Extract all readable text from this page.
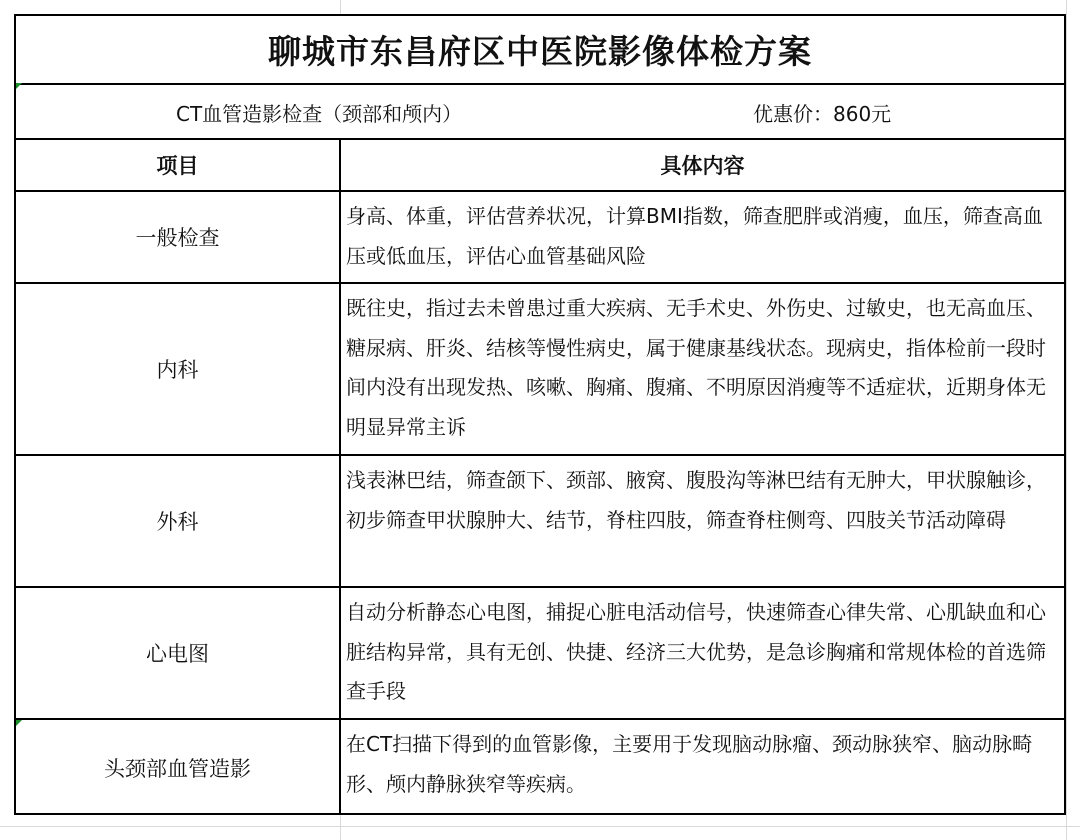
聊城市东昌府区中医院影像体检方案
CT血管造影检查（颈部和颅内）	优惠价：860元
项目	具体内容
一般检查	身高、体重，评估营养状况，计算BMI指数，筛查肥胖或消瘦，血压，筛查高血压或低血压，评估心血管基础风险
内科	既往史，指过去未曾患过重大疾病、无手术史、外伤史、过敏史，也无高血压、糖尿病、肝炎、结核等慢性病史，属于健康基线状态。现病史，指体检前一段时间内没有出现发热、咳嗽、胸痛、腹痛、不明原因消瘦等不适症状，近期身体无明显异常主诉
外科	浅表淋巴结，筛查颌下、颈部、腋窝、腹股沟等淋巴结有无肿大，甲状腺触诊，初步筛查甲状腺肿大、结节，脊柱四肢，筛查脊柱侧弯、四肢关节活动障碍
心电图	自动分析静态心电图，捕捉心脏电活动信号，快速筛查心律失常、心肌缺血和心脏结构异常，具有无创、快捷、经济三大优势，是急诊胸痛和常规体检的首选筛查手段
头颈部血管造影	在CT扫描下得到的血管影像，主要用于发现脑动脉瘤、颈动脉狭窄、脑动脉畸形、颅内静脉狭窄等疾病。
